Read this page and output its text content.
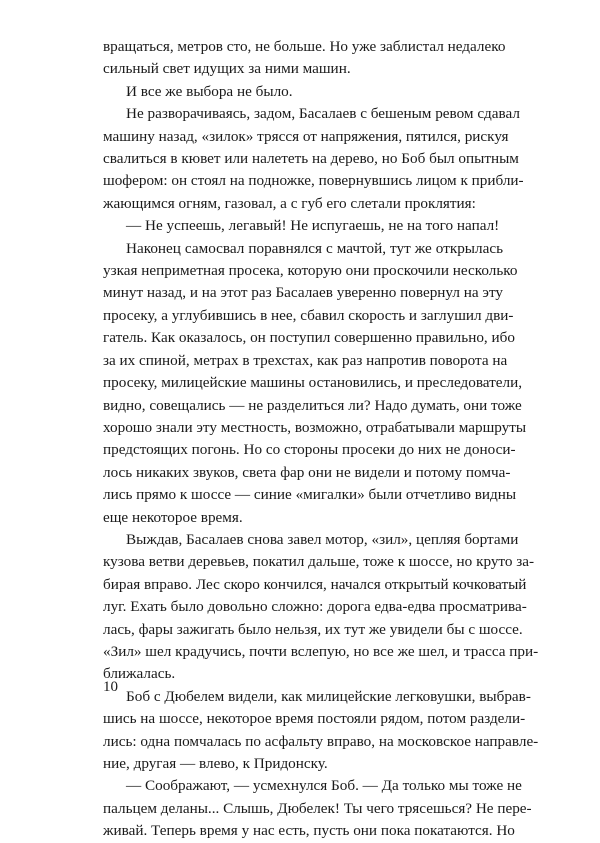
вращаться, метров сто, не больше. Но уже заблистал недалеко
сильный свет идущих за ними машин.

И все же выбора не было.

Не разворачиваясь, задом, Басалаев с бешеным ревом сдавал
машину назад, «зилок» трясся от напряжения, пятился, рискуя
свалиться в кювет или налететь на дерево, но Боб был опытным
шофером: он стоял на подножке, повернувшись лицом к прибли-
жающимся огням, газовал, а с губ его слетали проклятия:

— Не успеешь, легавый! Не испугаешь, не на того напал!

Наконец самосвал поравнялся с мачтой, тут же открылась
узкая неприметная просека, которую они проскочили несколько
минут назад, и на этот раз Басалаев уверенно повернул на эту
просеку, а углубившись в нее, сбавил скорость и заглушил дви-
гатель. Как оказалось, он поступил совершенно правильно, ибо
за их спиной, метрах в трехстах, как раз напротив поворота на
просеку, милицейские машины остановились, и преследователи,
видно, совещались — не разделиться ли? Надо думать, они тоже
хорошо знали эту местность, возможно, отрабатывали маршруты
предстоящих погонь. Но со стороны просеки до них не доноси-
лось никаких звуков, света фар они не видели и потому помча-
лись прямо к шоссе — синие «мигалки» были отчетливо видны
еще некоторое время.

Выждав, Басалаев снова завел мотор, «зил», цепляя бортами
кузова ветви деревьев, покатил дальше, тоже к шоссе, но круто за-
бирая вправо. Лес скоро кончился, начался открытый кочковатый
луг. Ехать было довольно сложно: дорога едва-едва просматрива-
лась, фары зажигать было нельзя, их тут же увидели бы с шоссе.
«Зил» шел крадучись, почти вслепую, но все же шел, и трасса при-
ближалась.

Боб с Дюбелем видели, как милицейские легковушки, выбрав-
шись на шоссе, некоторое время постояли рядом, потом раздели-
лись: одна помчалась по асфальту вправо, на московское направле-
ние, другая — влево, к Придонску.

— Соображают, — усмехнулся Боб. — Да только мы тоже не
пальцем деланы... Слышь, Дюбелек! Ты чего трясешься? Не пере-
живай. Теперь время у нас есть, пусть они пока покатаются. Но

10
